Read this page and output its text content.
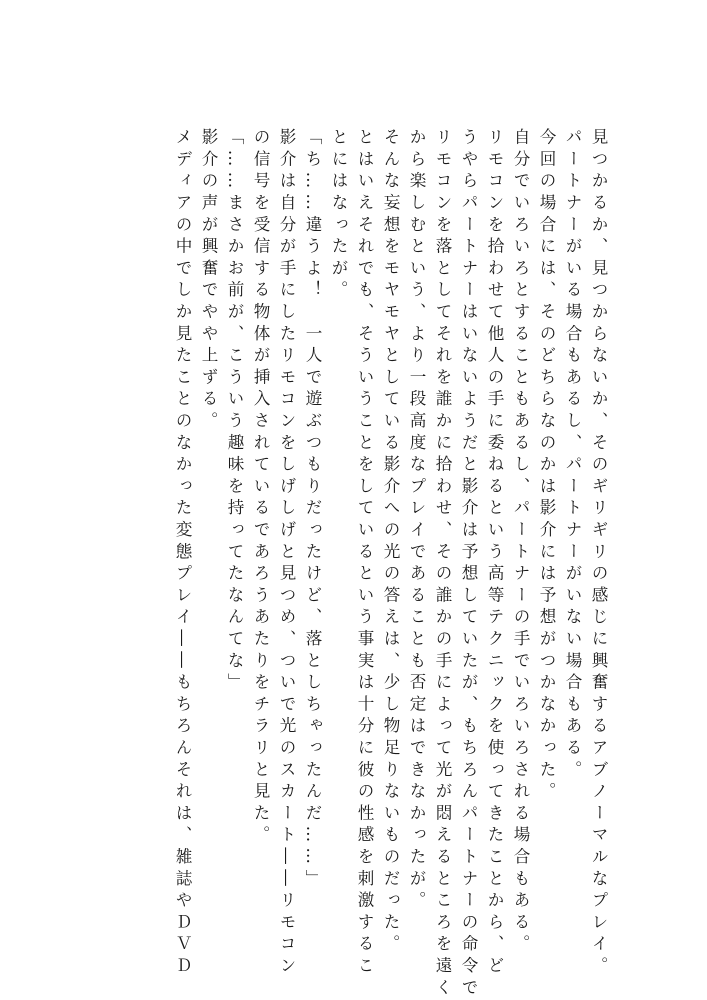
見つかるか、見つからないか、そのギリギリの感じに興奮するアブノーマルなプレイ。
パートナーがいる場合もあるし、パートナーがいない場合もある。
今回の場合には、そのどちらなのかは影介には予想がつかなかった。
自分でいろいろとすることもあるし、パートナーの手でいろいろされる場合もある。
リモコンを拾わせて他人の手に委ねるという高等テクニックを使ってきたことから、ど
うやらパートナーはいないようだと影介は予想していたが、もちろんパートナーの命令で
リモコンを落としてそれを誰かに拾わせ、その誰かの手によって光が悶えるところを遠く
から楽しむという、より一段高度なプレイであることも否定はできなかったが。
そんな妄想をモヤモヤとしている影介への光の答えは、少し物足りないものだった。
とはいえそれでも、そういうことをしているという事実は十分に彼の性感を刺激するこ
とにはなったが。
「ち……違うよ！　一人で遊ぶつもりだったけど、落としちゃったんだ……」
影介は自分が手にしたリモコンをしげしげと見つめ、ついで光のスカート――リモコン
の信号を受信する物体が挿入されているであろうあたりをチラリと見た。
「……まさかお前が、こういう趣味を持ってたなんてな」
影介の声が興奮でやや上ずる。
メディアの中でしか見たことのなかった変態プレイ――もちろんそれは、雑誌やＤＶＤ
